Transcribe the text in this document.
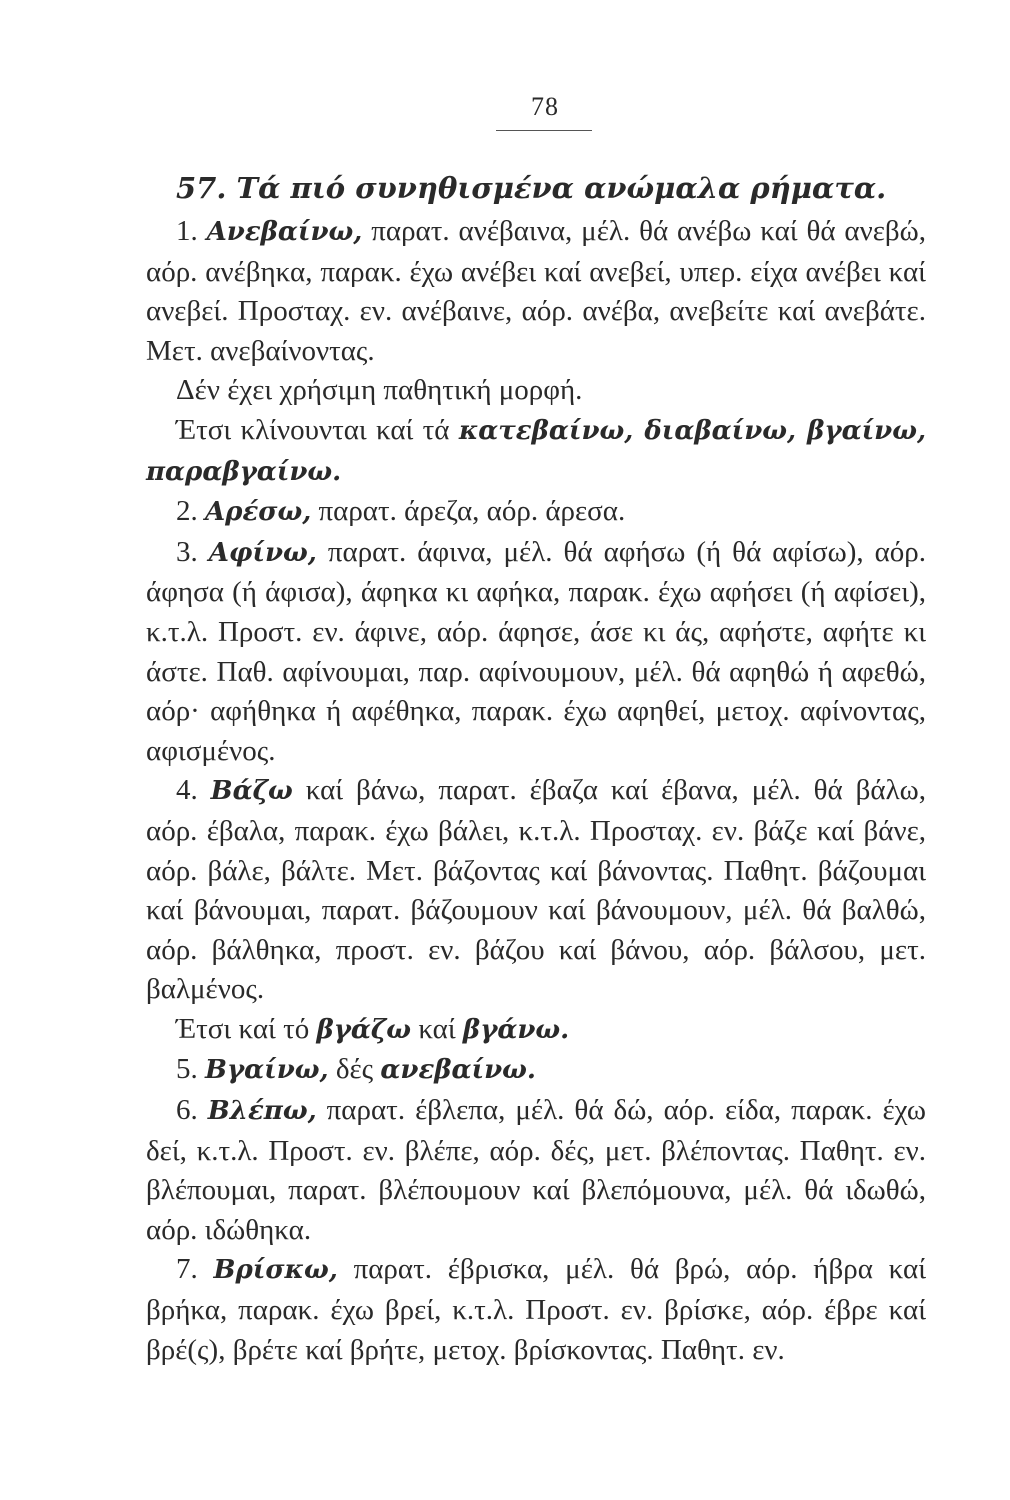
78
57. Τά πιό συνηθισμένα ανώμαλα ρήματα.

1. Ανεβαίνω, παρατ. ανέβαινα, μέλ. θά ανέβω καί θά ανεβώ, αόρ. ανέβηκα, παρακ. έχω ανέβει καί ανεβεί, υπερ. είχα ανέβει καί ανεβεί. Προσταχ. εν. ανέβαινε, αόρ. ανέβα, ανεβείτε καί ανεβάτε. Μετ. ανεβαίνοντας.

Δέν έχει χρήσιμη παθητική μορφή.

Έτσι κλίνουνται καί τά κατεβαίνω, διαβαίνω, βγαίνω, παραβγαίνω.

2. Αρέσω, παρατ. άρεζα, αόρ. άρεσα.

3. Αφίνω, παρατ. άφινα, μέλ. θά αφήσω (ή θά αφίσω), αόρ. άφησα (ή άφισα), άφηκα κι αφήκα, παρακ. έχω αφήσει (ή αφίσει), κ.τ.λ. Προστ. εν. άφινε, αόρ. άφησε, άσε κι άς, αφήστε, αφήτε κι άστε. Παθ. αφίνουμαι, παρ. αφίνουμουν, μέλ. θά αφηθώ ή αφεθώ, αόρ· αφήθηκα ή αφέθηκα, παρακ. έχω αφηθεί, μετοχ. αφίνοντας, αφισμένος.

4. Βάζω καί βάνω, παρατ. έβαζα καί έβανα, μέλ. θά βάλω, αόρ. έβαλα, παρακ. έχω βάλει, κ.τ.λ. Προσταχ. εν. βάζε καί βάνε, αόρ. βάλε, βάλτε. Μετ. βάζοντας καί βάνοντας. Παθητ. βάζουμαι καί βάνουμαι, παρατ. βάζουμουν καί βάνουμουν, μέλ. θά βαλθώ, αόρ. βάλθηκα, προστ. εν. βάζου καί βάνου, αόρ. βάλσου, μετ. βαλμένος.

Έτσι καί τό βγάζω καί βγάνω.

5. Βγαίνω, δές ανεβαίνω.

6. Βλέπω, παρατ. έβλεπα, μέλ. θά δώ, αόρ. είδα, παρακ. έχω δεί, κ.τ.λ. Προστ. εν. βλέπε, αόρ. δές, μετ. βλέποντας. Παθητ. εν. βλέπουμαι, παρατ. βλέπουμουν καί βλεπόμουνα, μέλ. θά ιδωθώ, αόρ. ιδώθηκα.

7. Βρίσκω, παρατ. έβρισκα, μέλ. θά βρώ, αόρ. ήβρα καί βρήκα, παρακ. έχω βρεί, κ.τ.λ. Προστ. εν. βρίσκε, αόρ. έβρε καί βρέ(ς), βρέτε καί βρήτε, μετοχ. βρίσκοντας. Παθητ. εν.
